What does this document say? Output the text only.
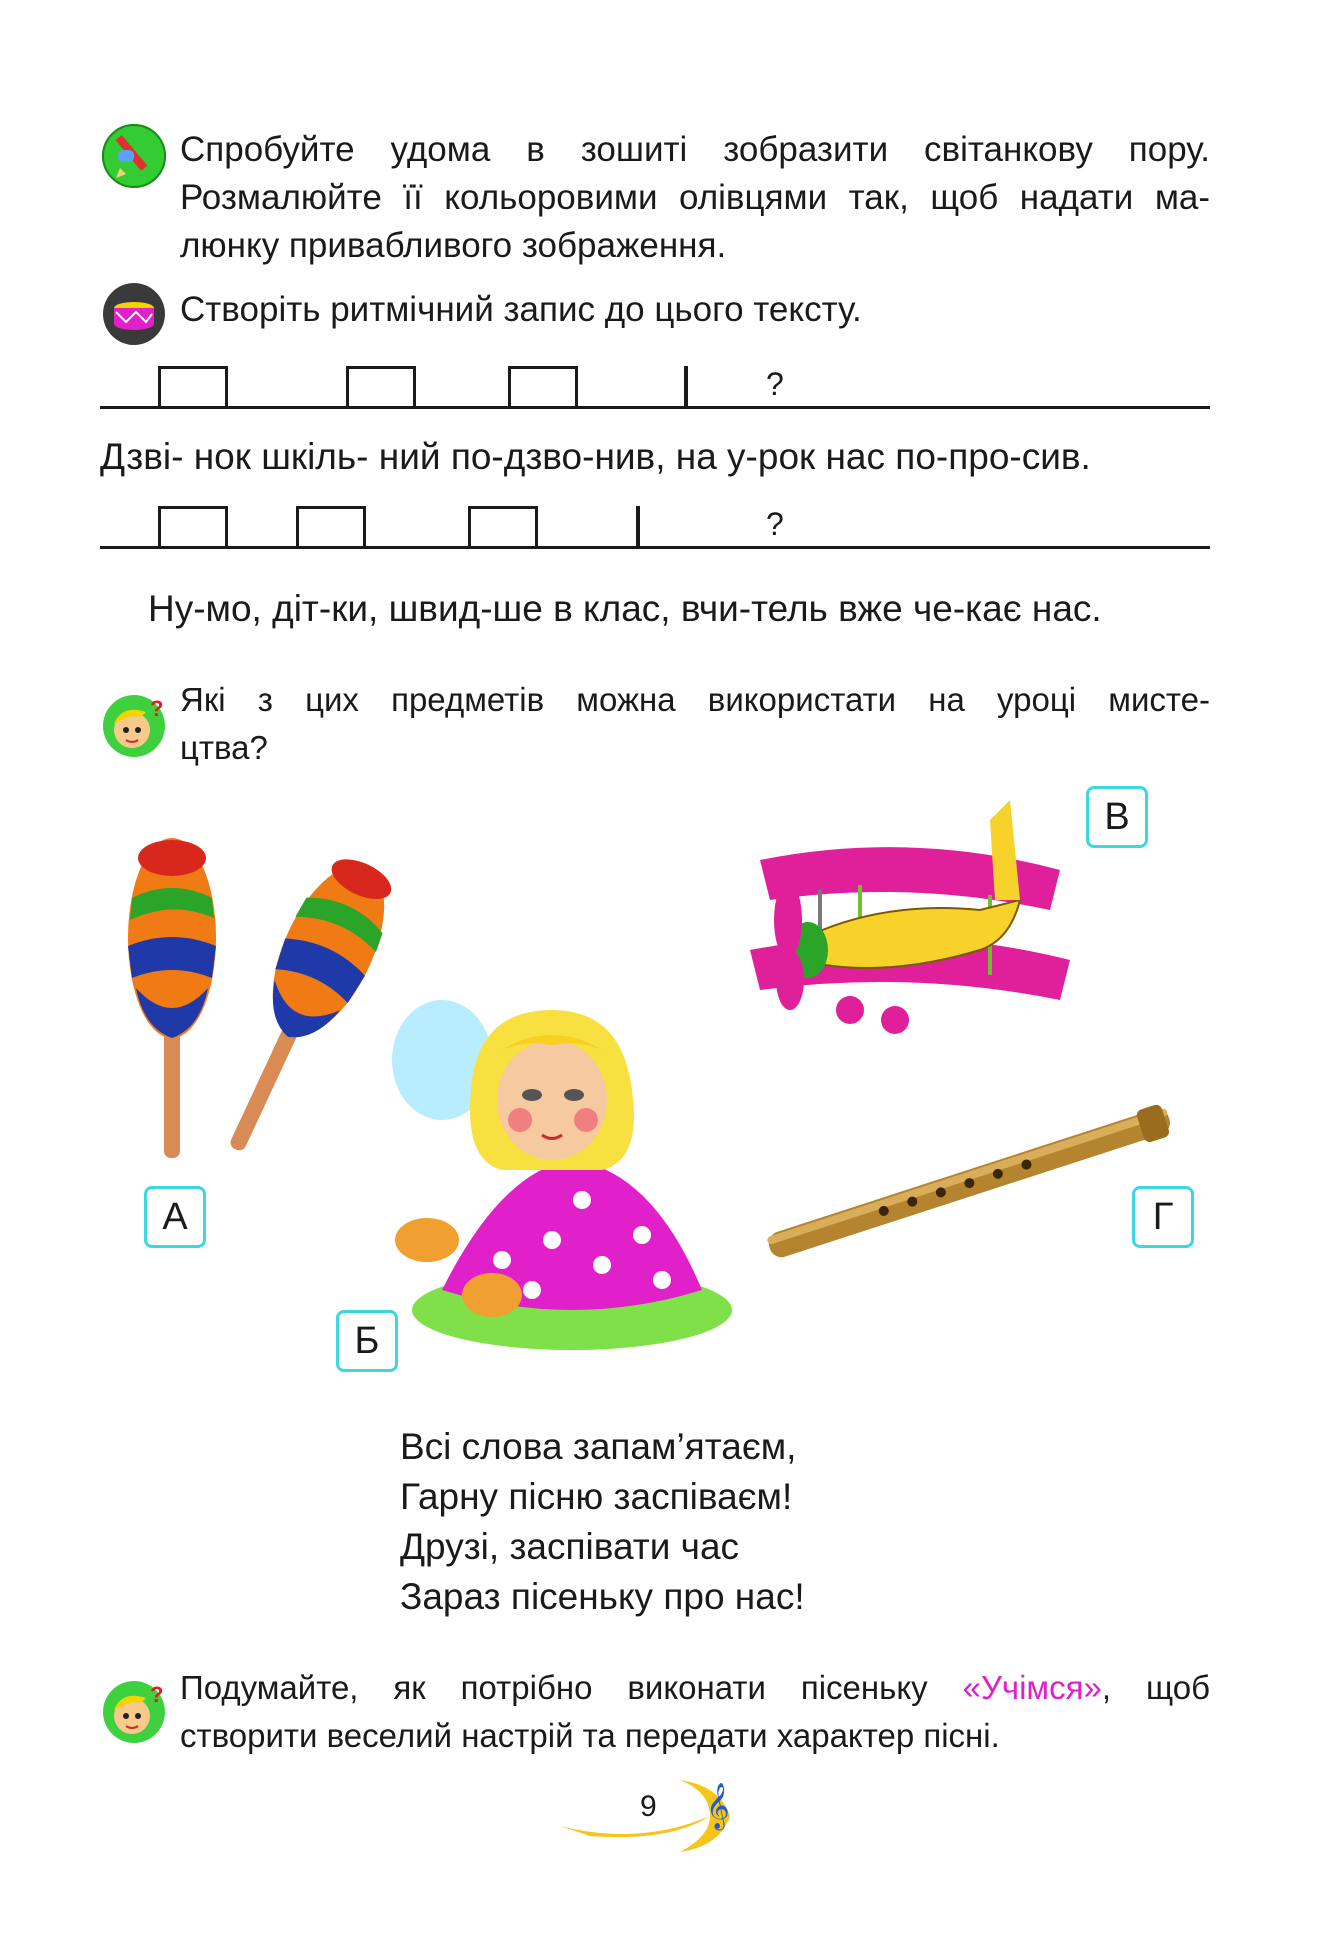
Спробуйте удома в зошиті зобразити світанкову пору.
Розмалюйте її кольоровими олівцями так, щоб надати ма-
люнку привабливого зображення.
Створіть ритмічний запис до цього тексту.
?
Дзві- нок шкіль- ний по-дзво-нив, на у-рок нас по-про-сив.
?
Ну-мо, діт-ки, швид-ше в клас, вчи-тель вже че-кає нас.
? Які з цих предметів можна використати на уроці мисте-
цтва?
А
Б
В
Г
Всі слова запам’ятаєм,
Гарну пісню заспіваєм!
Друзі, заспівати час
Зараз пісеньку про нас!
? Подумайте, як потрібно виконати пісеньку «Учімся», щоб
створити веселий настрій та передати характер пісні.
9 𝄞
